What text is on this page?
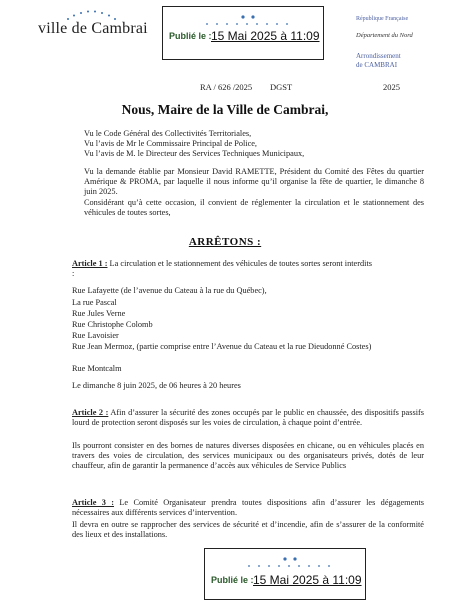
ville de Cambrai Publié le : 15 Mai 2025 à 11:09
République Française
Département du Nord
Arrondissement
de CAMBRAI
RA / 626 /2025 DGST	2025
Nous, Maire de la Ville de Cambrai,
Vu le Code Général des Collectivités Territoriales,
Vu l’avis de Mr le Commissaire Principal de Police,
Vu l’avis de M. le Directeur des Services Techniques Municipaux,
Vu la demande établie par Monsieur David RAMETTE, Président du Comité des Fêtes du quartier Amérique & PROMA, par laquelle il nous informe qu’il organise la fête de quartier, le dimanche 8 juin 2025.
Considérant qu’à cette occasion, il convient de réglementer la circulation et le stationnement des véhicules de toutes sortes,
ARRÊTONS :
Article 1 : La circulation et le stationnement des véhicules de toutes sortes seront interdits :
Rue Lafayette (de l’avenue du Cateau à la rue du Québec),
La rue Pascal
Rue Jules Verne
Rue Christophe Colomb
Rue Lavoisier
Rue Jean Mermoz, (partie comprise entre l’Avenue du Cateau et la rue Dieudonné Costes)
Rue Montcalm
Le dimanche 8 juin 2025, de 06 heures à 20 heures
Article 2 : Afin d’assurer la sécurité des zones occupés par le public en chaussée, des dispositifs passifs lourd de protection seront disposés sur les voies de circulation, à chaque point d’entrée.
Ils pourront consister en des bornes de natures diverses disposées en chicane, ou en véhicules placés en travers des voies de circulation, des services municipaux ou des organisateurs privés, dotés de leur chauffeur, afin de garantir la permanence d’accès aux véhicules de Service Publics
Article 3 : Le Comité Organisateur prendra toutes dispositions afin d’assurer les dégagements nécessaires aux différents services d’intervention.
Il devra en outre se rapprocher des services de sécurité et d’incendie, afin de s’assurer de la conformité des lieux et des installations.
Publié le : 15 Mai 2025 à 11:09
